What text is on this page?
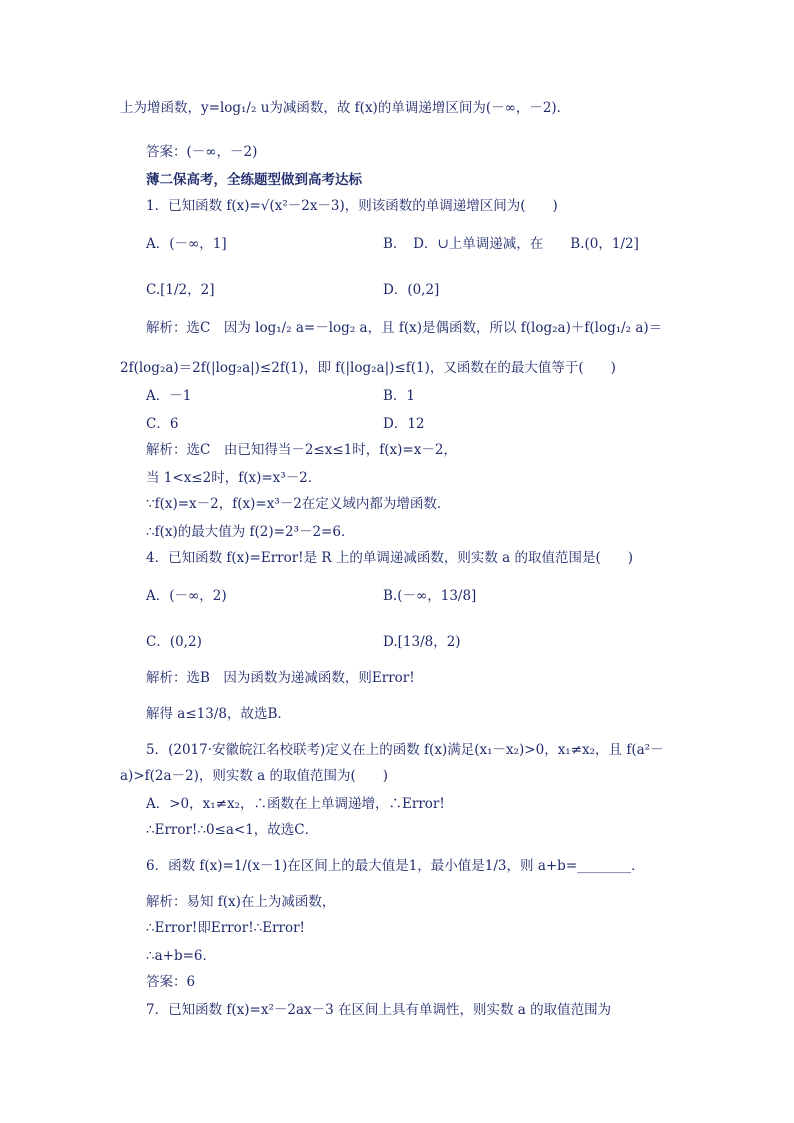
上为增函数，y=log₁/₂ u为减函数，故 f(x)的单调递增区间为(－∞，－2)．
答案：(－∞，－2)
薄二保高考，全练题型做到高考达标
1．已知函数 f(x)=√(x²－2x－3)，则该函数的单调递增区间为(　　)
A．(－∞，1]
C.[1/2，2]
解析：选C　因为 log₁/₂ a=－log₂ a，且 f(x)是偶函数，所以 f(log₂a)＋f(log₁/₂ a)＝
2f(log₂a)＝2f(|log₂a|)≤2f(1)，即 f(|log₂a|)≤f(1)，又函数在的最大值等于(　　)
A．－1
C．6
解析：选C　由已知得当－2≤x≤1时，f(x)=x－2，
当 1<x≤2时，f(x)=x³－2．
∵f(x)=x－2，f(x)=x³－2在定义域内都为增函数．
∴f(x)的最大值为 f(2)=2³－2=6．
4．已知函数 f(x)=Error!是 R 上的单调递减函数，则实数 a 的取值范围是(　　)
A．(－∞，2)
C．(0,2)
解析：选B　因为函数为递减函数，则Error!
解得 a≤13/8，故选B．
5．(2017·安徽皖江名校联考)定义在上的函数 f(x)满足(x₁－x₂)>0，x₁≠x₂，且 f(a²－
a)>f(2a－2)，则实数 a 的取值范围为(　　)
A．>0，x₁≠x₂，∴函数在上单调递增，∴Error!
∴Error!∴0≤a<1，故选C．
6．函数 f(x)=1/(x－1)在区间上的最大值是1，最小值是1/3，则 a+b=________．
解析：易知 f(x)在上为减函数，
∴Error!即Error!∴Error!
∴a+b=6．
答案：6
7．已知函数 f(x)=x²－2ax－3 在区间上具有单调性，则实数 a 的取值范围为
B．　D．∪上单调递减，在　　B.(0，1/2]
D．(0,2]
B．1
D．12
B.(－∞，13/8]
D.[13/8，2)
